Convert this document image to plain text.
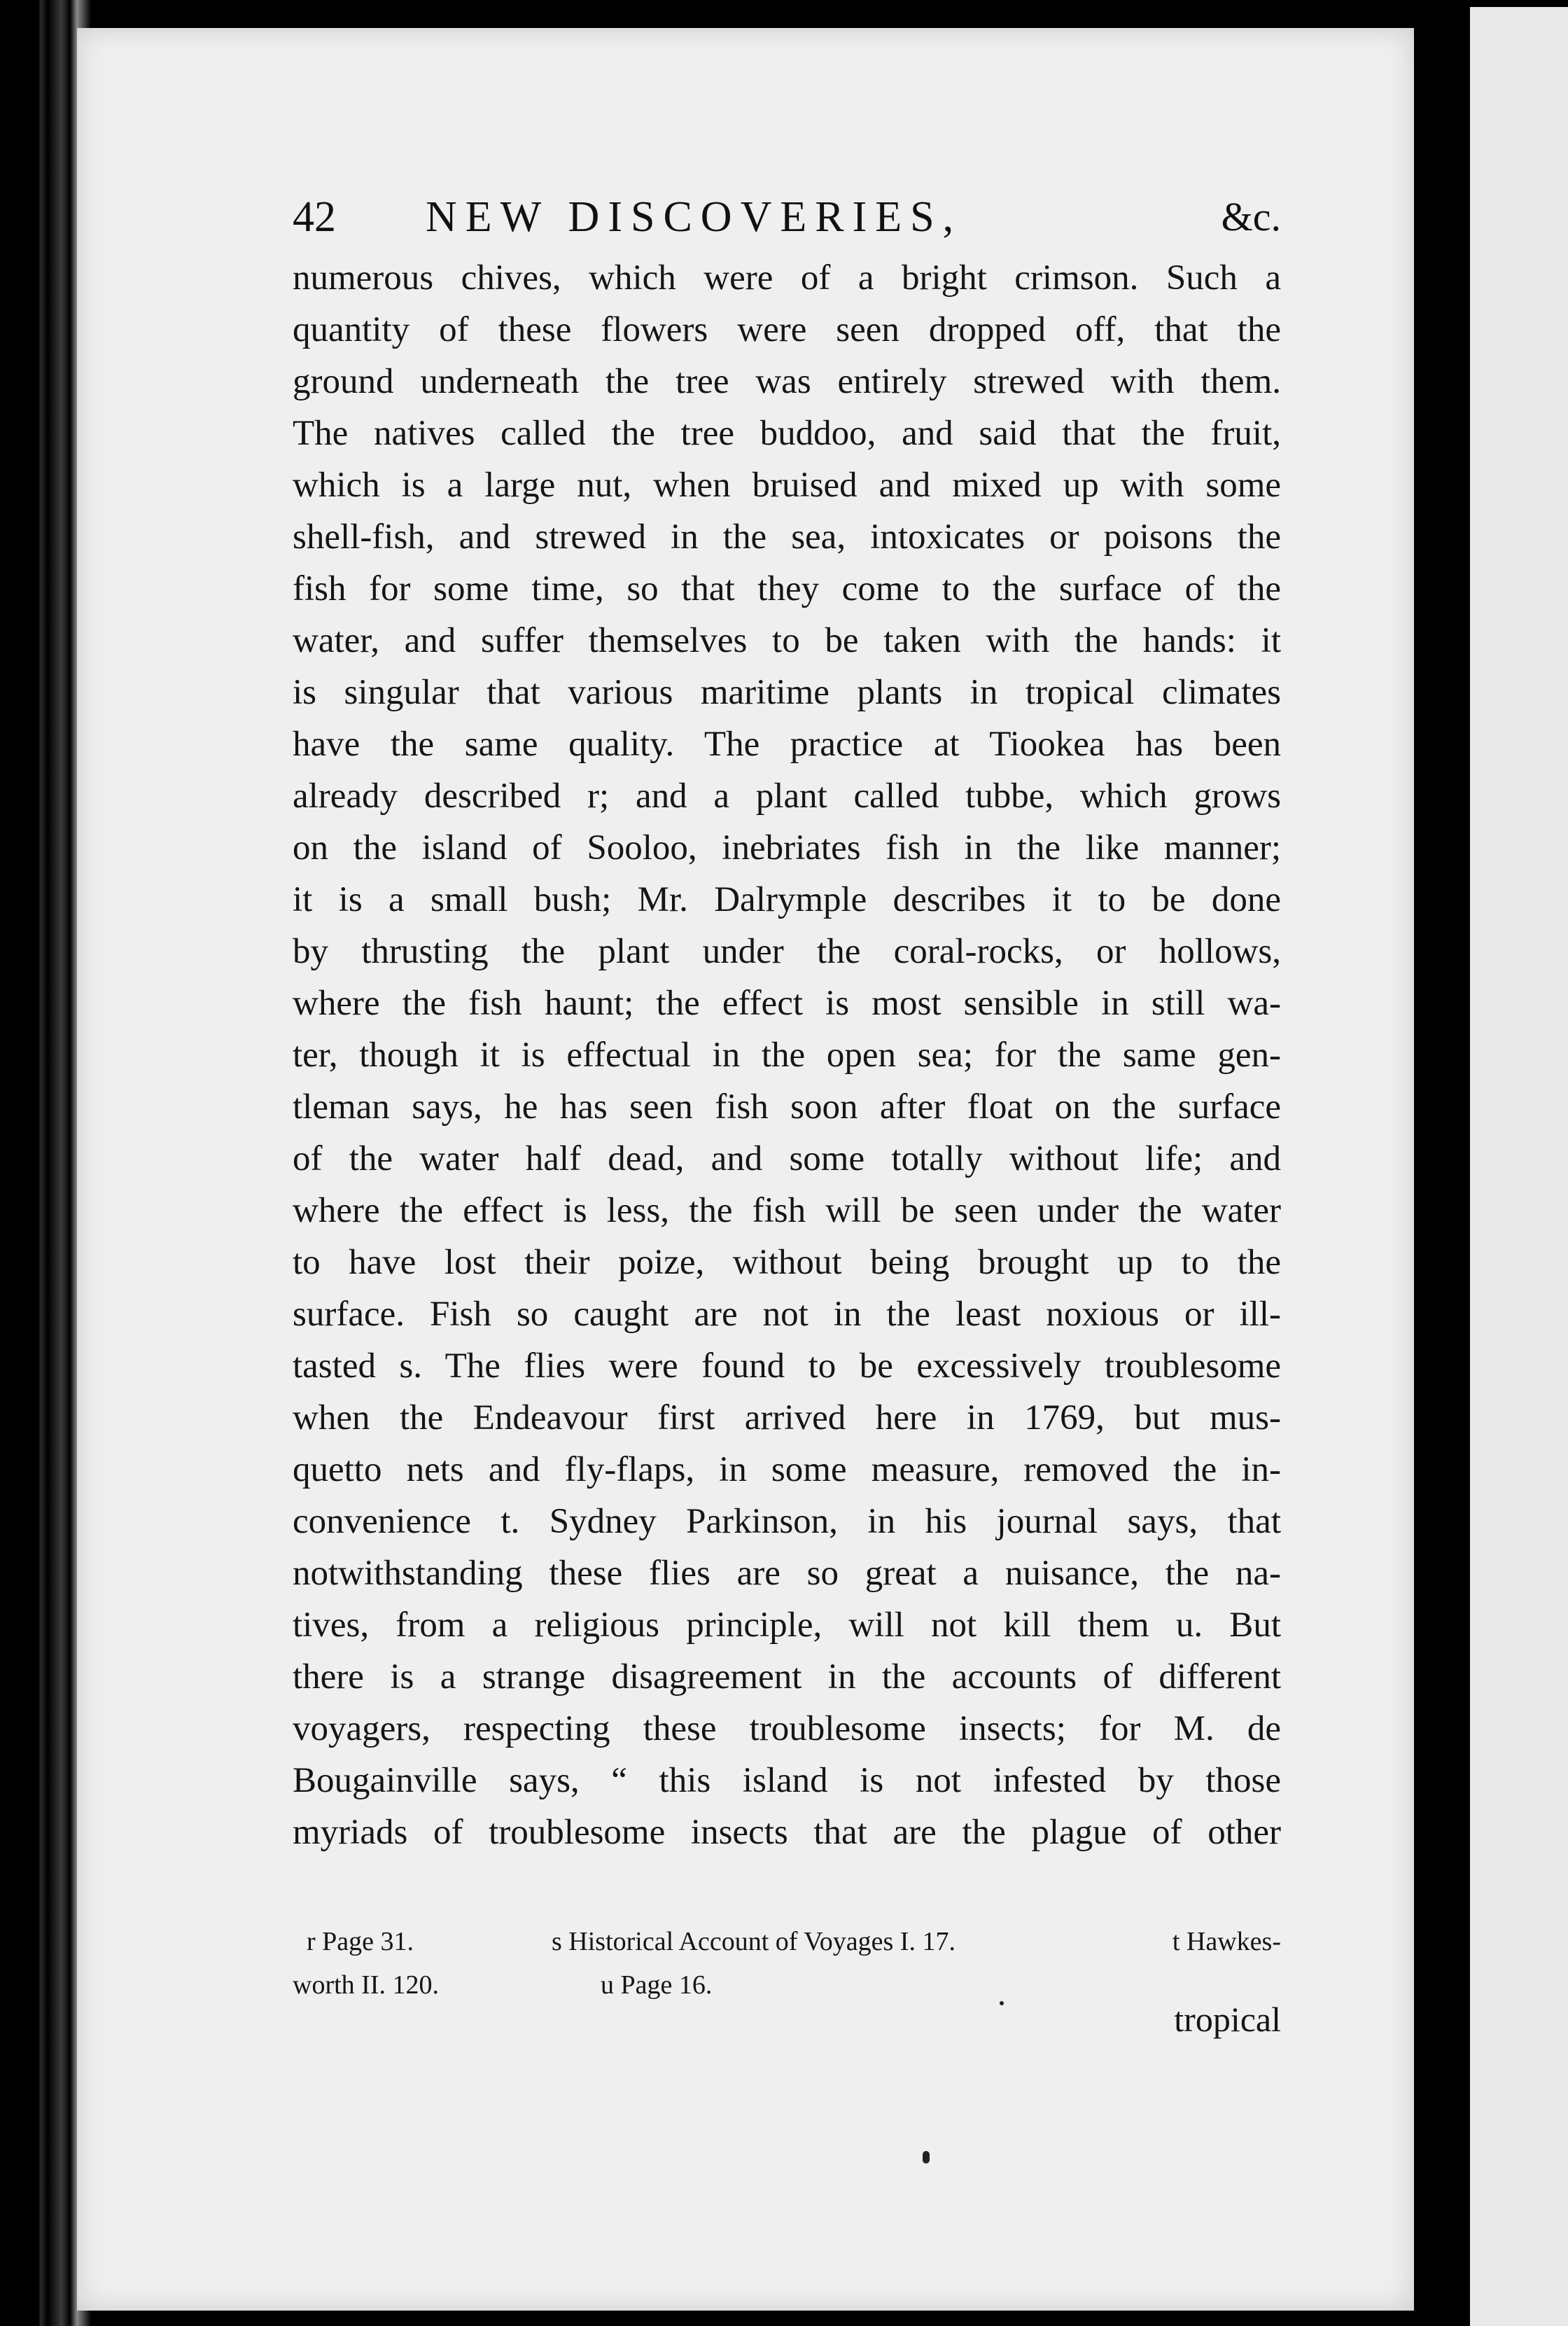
42 NEW DISCOVERIES,	&c.
numerous chives, which were of a bright crimson. Such a
quantity of these flowers were seen dropped off, that the
ground underneath the tree was entirely strewed with them.
The natives called the tree buddoo, and said that the fruit,
which is a large nut, when bruised and mixed up with some
shell-fish, and strewed in the sea, intoxicates or poisons the
fish for some time, so that they come to the surface of the
water, and suffer themselves to be taken with the hands: it
is singular that various maritime plants in tropical climates
have the same quality. The practice at Tiookea has been
already described r; and a plant called tubbe, which grows
on the island of Sooloo, inebriates fish in the like manner;
it is a small bush; Mr. Dalrymple describes it to be done
by thrusting the plant under the coral-rocks, or hollows,
where the fish haunt; the effect is most sensible in still wa-
ter, though it is effectual in the open sea; for the same gen-
tleman says, he has seen fish soon after float on the surface
of the water half dead, and some totally without life; and
where the effect is less, the fish will be seen under the water
to have lost their poize, without being brought up to the
surface. Fish so caught are not in the least noxious or ill-
tasted s. The flies were found to be excessively troublesome
when the Endeavour first arrived here in 1769, but mus-
quetto nets and fly-flaps, in some measure, removed the in-
convenience t. Sydney Parkinson, in his journal says, that
notwithstanding these flies are so great a nuisance, the na-
tives, from a religious principle, will not kill them u. But
there is a strange disagreement in the accounts of different
voyagers, respecting these troublesome insects; for M. de
Bougainville says, “ this island is not infested by those
myriads of troublesome insects that are the plague of other
r Page 31.	s Historical Account of Voyages I. 17.	t Hawkes-
worth II. 120.	u Page 16.
tropical
